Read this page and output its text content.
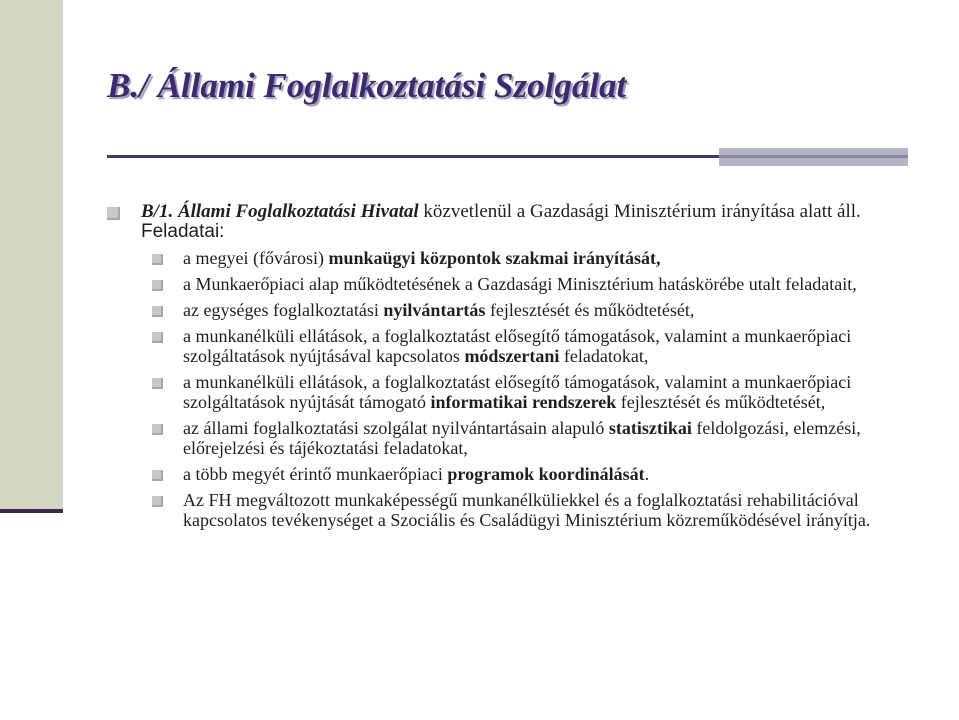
B./ Állami Foglalkoztatási Szolgálat
B/1. Állami Foglalkoztatási Hivatal közvetlenül a Gazdasági Minisztérium irányítása alatt áll. Feladatai:
a megyei (fővárosi) munkaügyi központok szakmai irányítását,
a Munkaerőpiaci alap működtetésének a Gazdasági Minisztérium hatáskörébe utalt feladatait,
az egységes foglalkoztatási nyilvántartás fejlesztését és működtetését,
a munkanélküli ellátások, a foglalkoztatást elősegítő támogatások, valamint a munkaerőpiaci szolgáltatások nyújtásával kapcsolatos módszertani feladatokat,
a munkanélküli ellátások, a foglalkoztatást elősegítő támogatások, valamint a munkaerőpiaci szolgáltatások nyújtását támogató informatikai rendszerek fejlesztését és működtetését,
az állami foglalkoztatási szolgálat nyilvántartásain alapuló statisztikai feldolgozási, elemzési, előrejelzési és tájékoztatási feladatokat,
a több megyét érintő munkaerőpiaci programok koordinálását.
Az FH megváltozott munkaképességű munkanélküliekkel és a foglalkoztatási rehabilitációval kapcsolatos tevékenységet a Szociális és Családügyi Minisztérium közreműködésével irányítja.
